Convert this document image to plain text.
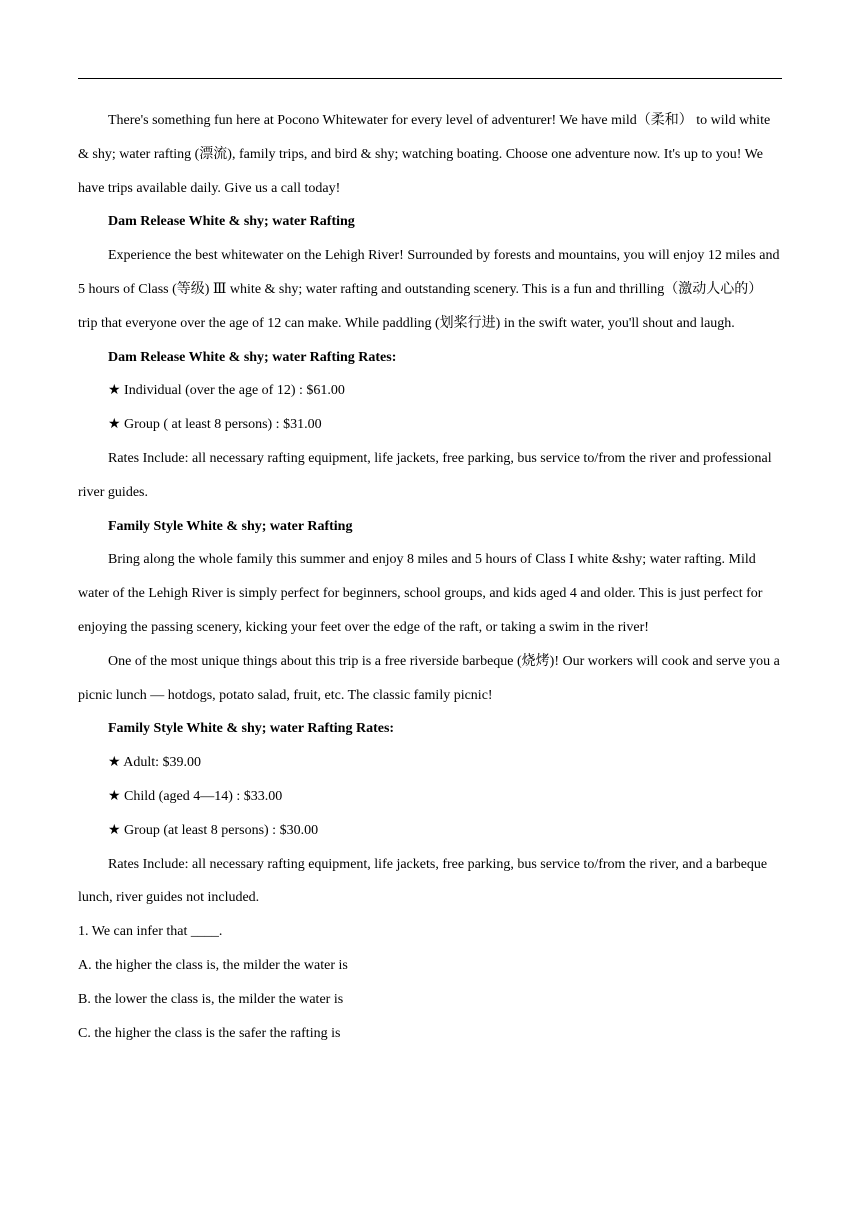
There's something fun here at Pocono Whitewater for every level of adventurer! We have mild（柔和） to wild white & shy; water rafting (漂流), family trips, and bird & shy; watching boating. Choose one adventure now. It's up to you! We have trips available daily. Give us a call today!

Dam Release White & shy; water Rafting

Experience the best whitewater on the Lehigh River! Surrounded by forests and mountains, you will enjoy 12 miles and 5 hours of Class (等级) Ⅲ white & shy; water rafting and outstanding scenery. This is a fun and thrilling（激动人心的） trip that everyone over the age of 12 can make. While paddling (划桨行进) in the swift water, you'll shout and laugh.

Dam Release White & shy; water Rafting Rates:

★ Individual (over the age of 12) : $61.00

★ Group ( at least 8 persons) : $31.00

Rates Include: all necessary rafting equipment, life jackets, free parking, bus service to/from the river and professional river guides.

Family Style White & shy; water Rafting

Bring along the whole family this summer and enjoy 8 miles and 5 hours of Class I white &shy; water rafting. Mild water of the Lehigh River is simply perfect for beginners, school groups, and kids aged 4 and older. This is just perfect for enjoying the passing scenery, kicking your feet over the edge of the raft, or taking a swim in the river!

One of the most unique things about this trip is a free riverside barbeque (烧烤)! Our workers will cook and serve you a picnic lunch — hotdogs, potato salad, fruit, etc. The classic family picnic!

Family Style White & shy; water Rafting Rates:

★ Adult: $39.00

★ Child (aged 4—14) : $33.00

★ Group (at least 8 persons) : $30.00

Rates Include: all necessary rafting equipment, life jackets, free parking, bus service to/from the river, and a barbeque lunch, river guides not included.

1. We can infer that ____.

A. the higher the class is, the milder the water is

B. the lower the class is, the milder the water is

C. the higher the class is the safer the rafting is
